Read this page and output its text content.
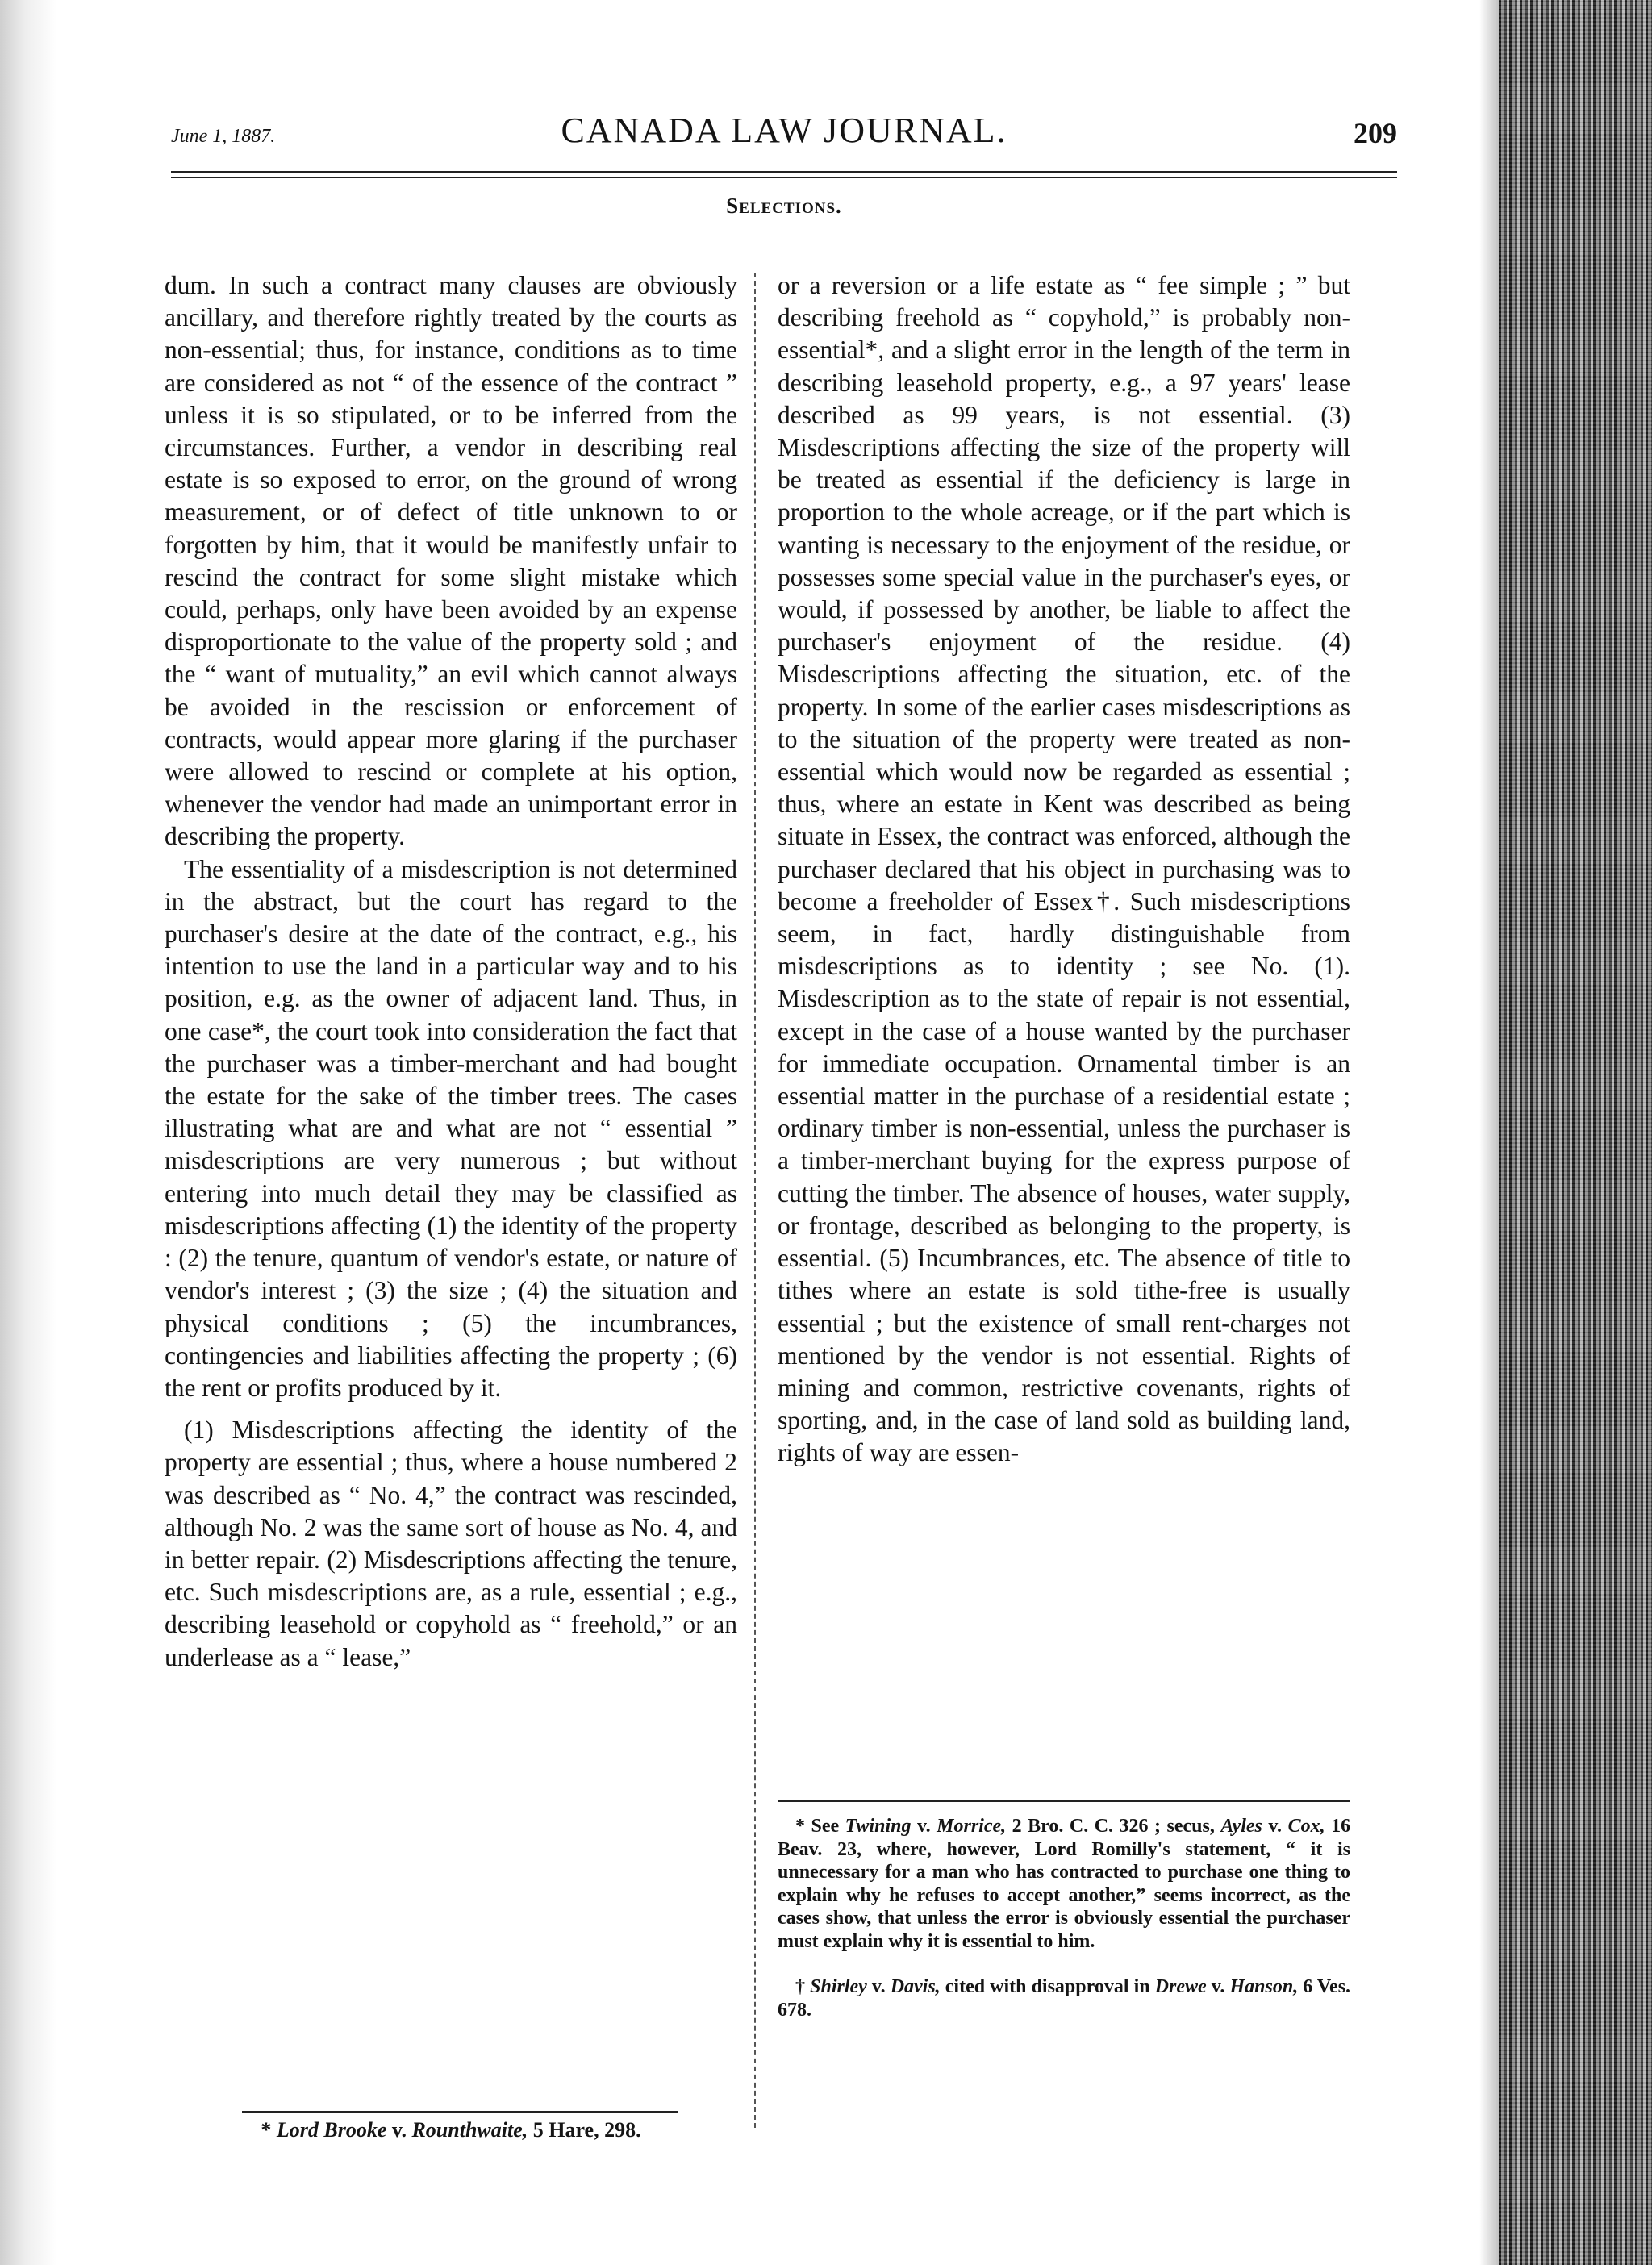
June 1, 1887.	CANADA LAW JOURNAL.	209
Selections.

dum. In such a contract many clauses are obviously ancillary, and therefore rightly treated by the courts as non-essential; thus, for instance, conditions as to time are considered as not “ of the essence of the contract ” unless it is so stipulated, or to be inferred from the circumstances. Further, a vendor in describing real estate is so exposed to error, on the ground of wrong measurement, or of defect of title unknown to or forgotten by him, that it would be manifestly unfair to rescind the contract for some slight mistake which could, perhaps, only have been avoided by an expense disproportionate to the value of the property sold ; and the “ want of mutuality,” an evil which cannot always be avoided in the rescission or enforcement of contracts, would appear more glaring if the purchaser were allowed to rescind or complete at his option, whenever the vendor had made an unimportant error in describing the property.

The essentiality of a misdescription is not determined in the abstract, but the court has regard to the purchaser's desire at the date of the contract, e.g., his intention to use the land in a particular way and to his position, e.g. as the owner of adjacent land. Thus, in one case*, the court took into consideration the fact that the purchaser was a timber-merchant and had bought the estate for the sake of the timber trees. The cases illustrating what are and what are not “ essential ” misdescriptions are very numerous ; but without entering into much detail they may be classified as misdescriptions affecting (1) the identity of the property : (2) the tenure, quantum of vendor's estate, or nature of vendor's interest ; (3) the size ; (4) the situation and physical conditions ; (5) the incumbrances, contingencies and liabilities affecting the property ; (6) the rent or profits produced by it.

(1) Misdescriptions affecting the identity of the property are essential ; thus, where a house numbered 2 was described as “ No. 4,” the contract was rescinded, although No. 2 was the same sort of house as No. 4, and in better repair. (2) Misdescriptions affecting the tenure, etc. Such misdescriptions are, as a rule, essential ; e.g., describing leasehold or copyhold as “ freehold,” or an underlease as a “ lease,”

or a reversion or a life estate as “ fee simple ; ” but describing freehold as “ copyhold,” is probably non-essential*, and a slight error in the length of the term in describing leasehold property, e.g., a 97 years' lease described as 99 years, is not essential. (3) Misdescriptions affecting the size of the property will be treated as essential if the deficiency is large in proportion to the whole acreage, or if the part which is wanting is necessary to the enjoyment of the residue, or possesses some special value in the purchaser's eyes, or would, if possessed by another, be liable to affect the purchaser's enjoyment of the residue. (4) Misdescriptions affecting the situation, etc. of the property. In some of the earlier cases misdescriptions as to the situation of the property were treated as non-essential which would now be regarded as essential ; thus, where an estate in Kent was described as being situate in Essex, the contract was enforced, although the purchaser declared that his object in purchasing was to become a freeholder of Essex†. Such misdescriptions seem, in fact, hardly distinguishable from misdescriptions as to identity ; see No. (1). Misdescription as to the state of repair is not essential, except in the case of a house wanted by the purchaser for immediate occupation. Ornamental timber is an essential matter in the purchase of a residential estate ; ordinary timber is non-essential, unless the purchaser is a timber-merchant buying for the express purpose of cutting the timber. The absence of houses, water supply, or frontage, described as belonging to the property, is essential. (5) Incumbrances, etc. The absence of title to tithes where an estate is sold tithe-free is usually essential ; but the existence of small rent-charges not mentioned by the vendor is not essential. Rights of mining and common, restrictive covenants, rights of sporting, and, in the case of land sold as building land, rights of way are essen-

* Lord Brooke v. Rounthwaite, 5 Hare, 298.

* See Twining v. Morrice, 2 Bro. C. C. 326 ; secus, Ayles v. Cox, 16 Beav. 23, where, however, Lord Romilly's statement, “ it is unnecessary for a man who has contracted to purchase one thing to explain why he refuses to accept another,” seems incorrect, as the cases show, that unless the error is obviously essential the purchaser must explain why it is essential to him.

† Shirley v. Davis, cited with disapproval in Drewe v. Hanson, 6 Ves. 678.
